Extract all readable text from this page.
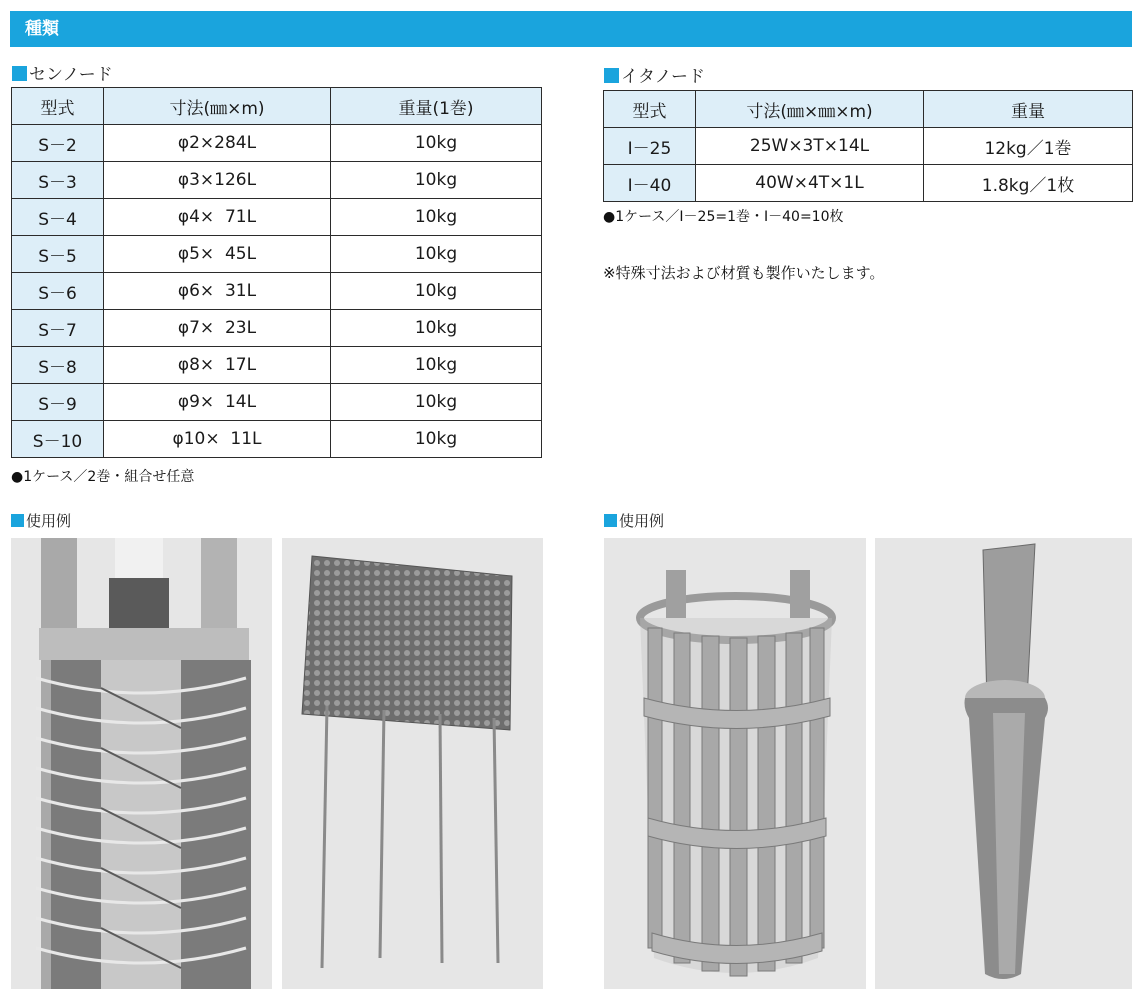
種類
センノード
型式	寸法(㎜×m)	重量(1巻)
S－2	φ2×284L	10kg
S－3	φ3×126L	10kg
S－4	φ4×  71L	10kg
S－5	φ5×  45L	10kg
S－6	φ6×  31L	10kg
S－7	φ7×  23L	10kg
S－8	φ8×  17L	10kg
S－9	φ9×  14L	10kg
S－10	φ10×  11L	10kg
●1ケース／2巻・組合せ任意
イタノード
型式	寸法(㎜×㎜×m)	重量
I－25	25W×3T×14L	12kg／1巻
I－40	40W×4T×1L	1.8kg／1枚
●1ケース／I－25=1巻・I－40=10枚
※特殊寸法および材質も製作いたします。
使用例	使用例
